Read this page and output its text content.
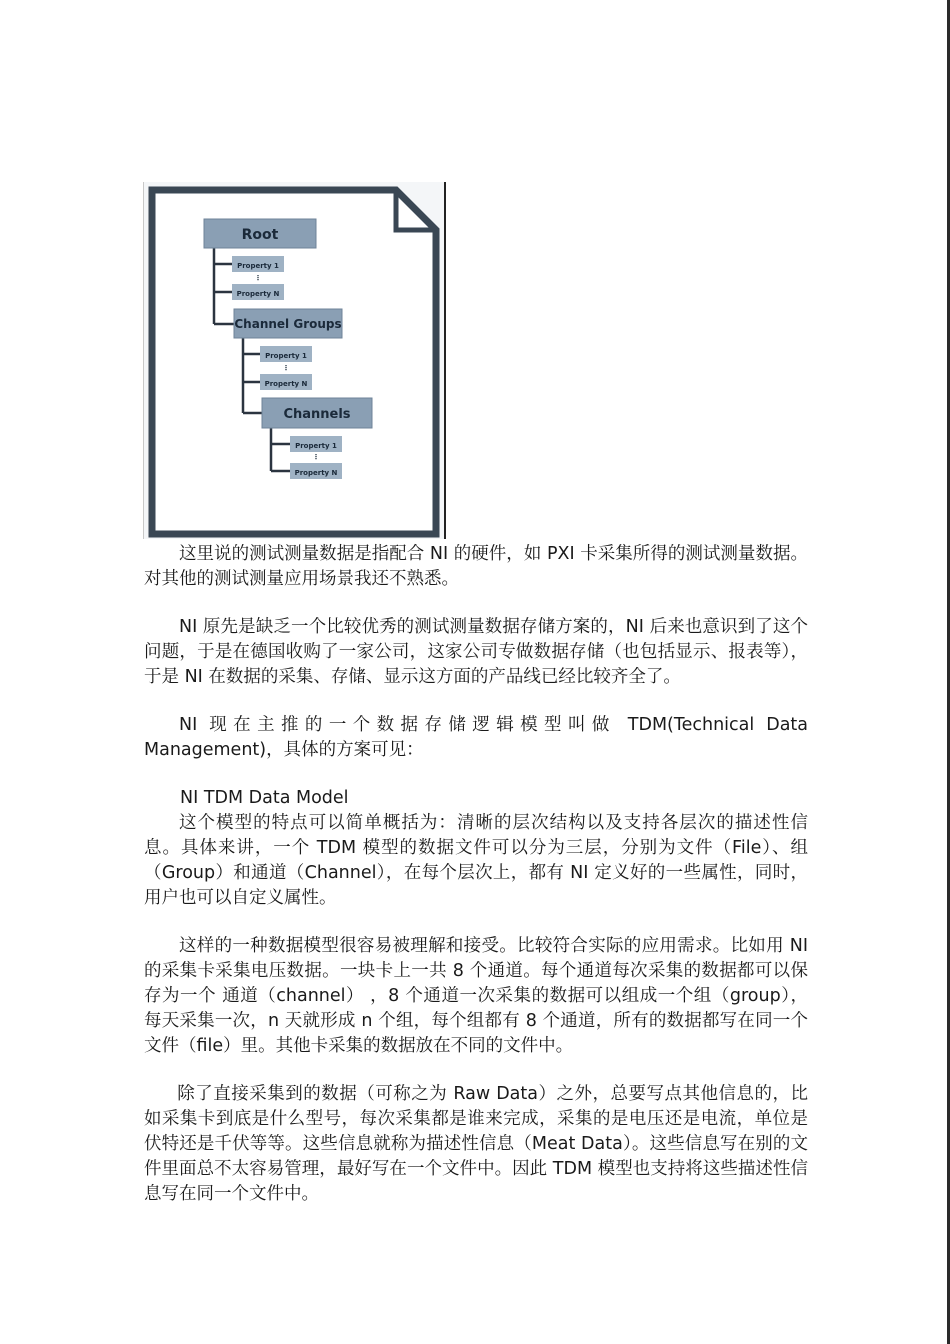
Root
Property 1
⋮
Property N
Channel Groups
Property 1
⋮
Property N
Channels
Property 1
⋮
Property N

这里说的测试测量数据是指配合 NI 的硬件，如 PXI 卡采集所得的测试测量数据。对其他的测试测量应用场景我还不熟悉。

NI 原先是缺乏一个比较优秀的测试测量数据存储方案的，NI 后来也意识到了这个问题，于是在德国收购了一家公司，这家公司专做数据存储（也包括显示、报表等），于是 NI 在数据的采集、存储、显示这方面的产品线已经比较齐全了。

NI 现在主推的一个数据存储逻辑模型叫做 TDM(Technical Data Management)，具体的方案可见：

NI TDM Data Model

这个模型的特点可以简单概括为：清晰的层次结构以及支持各层次的描述性信息。具体来讲，一个 TDM 模型的数据文件可以分为三层，分别为文件（File）、组（Group）和通道（Channel），在每个层次上，都有 NI 定义好的一些属性，同时，用户也可以自定义属性。

这样的一种数据模型很容易被理解和接受。比较符合实际的应用需求。比如用 NI 的采集卡采集电压数据。一块卡上一共 8 个通道。每个通道每次采集的数据都可以保存为一个 通道（channel） ，8 个通道一次采集的数据可以组成一个组（group），每天采集一次，n 天就形成 n 个组，每个组都有 8 个通道，所有的数据都写在同一个文件（file）里。其他卡采集的数据放在不同的文件中。

除了直接采集到的数据（可称之为 Raw Data）之外，总要写点其他信息的，比如采集卡到底是什么型号，每次采集都是谁来完成，采集的是电压还是电流，单位是伏特还是千伏等等。这些信息就称为描述性信息（Meat Data）。这些信息写在别的文件里面总不太容易管理，最好写在一个文件中。因此 TDM 模型也支持将这些描述性信息写在同一个文件中。
